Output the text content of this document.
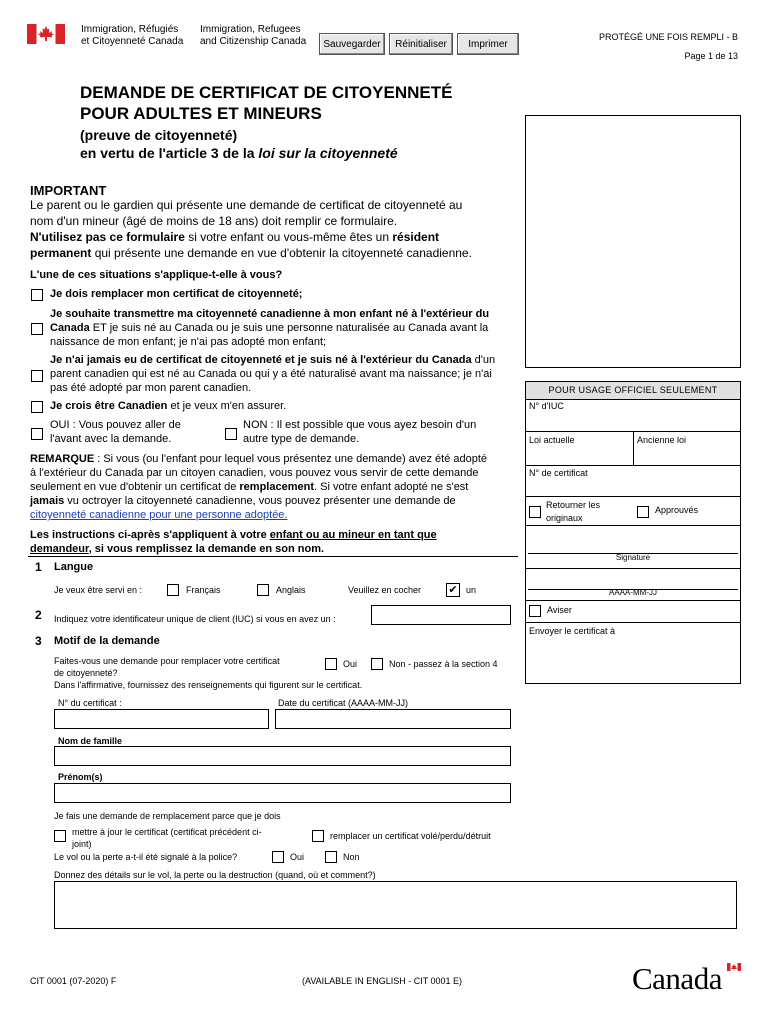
Immigration, Réfugiés
et Citoyenneté Canada
Immigration, Refugees
and Citizenship Canada	Sauvegarder	Réinitialiser	Imprimer
PROTÉGÉ UNE FOIS REMPLI - B
Page 1 de 13
DEMANDE DE CERTIFICAT DE CITOYENNETÉ
POUR ADULTES ET MINEURS
(preuve de citoyenneté)
en vertu de l'article 3 de la loi sur la citoyenneté
IMPORTANT
Le parent ou le gardien qui présente une demande de certificat de citoyenneté au
nom d'un mineur (âgé de moins de 18 ans) doit remplir ce formulaire.
N'utilisez pas ce formulaire si votre enfant ou vous-même êtes un résident
permanent qui présente une demande en vue d'obtenir la citoyenneté canadienne.
L'une de ces situations s'applique-t-elle à vous?
Je dois remplacer mon certificat de citoyenneté;
Je souhaite transmettre ma citoyenneté canadienne à mon enfant né à l'extérieur du
Canada ET je suis né au Canada ou je suis une personne naturalisée au Canada avant la
naissance de mon enfant; je n'ai pas adopté mon enfant;
Je n'ai jamais eu de certificat de citoyenneté et je suis né à l'extérieur du Canada d'un
parent canadien qui est né au Canada ou qui y a été naturalisé avant ma naissance; je n'ai
pas été adopté par mon parent canadien.
Je crois être Canadien et je veux m'en assurer.
OUI : Vous pouvez aller de
l'avant avec la demande.
NON : Il est possible que vous ayez besoin d'un
autre type de demande.
REMARQUE : Si vous (ou l'enfant pour lequel vous présentez une demande) avez été adopté
à l'extérieur du Canada par un citoyen canadien, vous pouvez vous servir de cette demande
seulement en vue d'obtenir un certificat de remplacement. Si votre enfant adopté ne s'est
jamais vu octroyer la citoyenneté canadienne, vous pouvez présenter une demande de
citoyenneté canadienne pour une personne adoptée.
Les instructions ci-après s'appliquent à votre enfant ou au mineur en tant que
demandeur, si vous remplissez la demande en son nom.
POUR USAGE OFFICIEL SEULEMENT
N° d'IUC
Loi actuelle	Ancienne loi
N° de certificat
Retourner les
originaux
Approuvés
Signature
AAAA-MM-JJ
Aviser
Envoyer le certificat à
1 Langue
Je veux être servi en :	Français	Anglais	Veuillez en cocher ✔ un
2 Indiquez votre identificateur unique de client (IUC) si vous en avez un :
3 Motif de la demande
Faites-vous une demande pour remplacer votre certificat
de citoyenneté?
Oui	Non - passez à la section 4
Dans l'affirmative, fournissez des renseignements qui figurent sur le certificat.
N° du certificat :	Date du certificat (AAAA-MM-JJ)
Nom de famille
Prénom(s)
Je fais une demande de remplacement parce que je dois
mettre à jour le certificat (certificat précédent ci-
joint)
remplacer un certificat volé/perdu/détruit
Le vol ou la perte a-t-il été signalé à la police?	Oui	Non
Donnez des détails sur le vol, la perte ou la destruction (quand, où et comment?)
CIT 0001 (07-2020) F	(AVAILABLE IN ENGLISH - CIT 0001 E)	Canada
